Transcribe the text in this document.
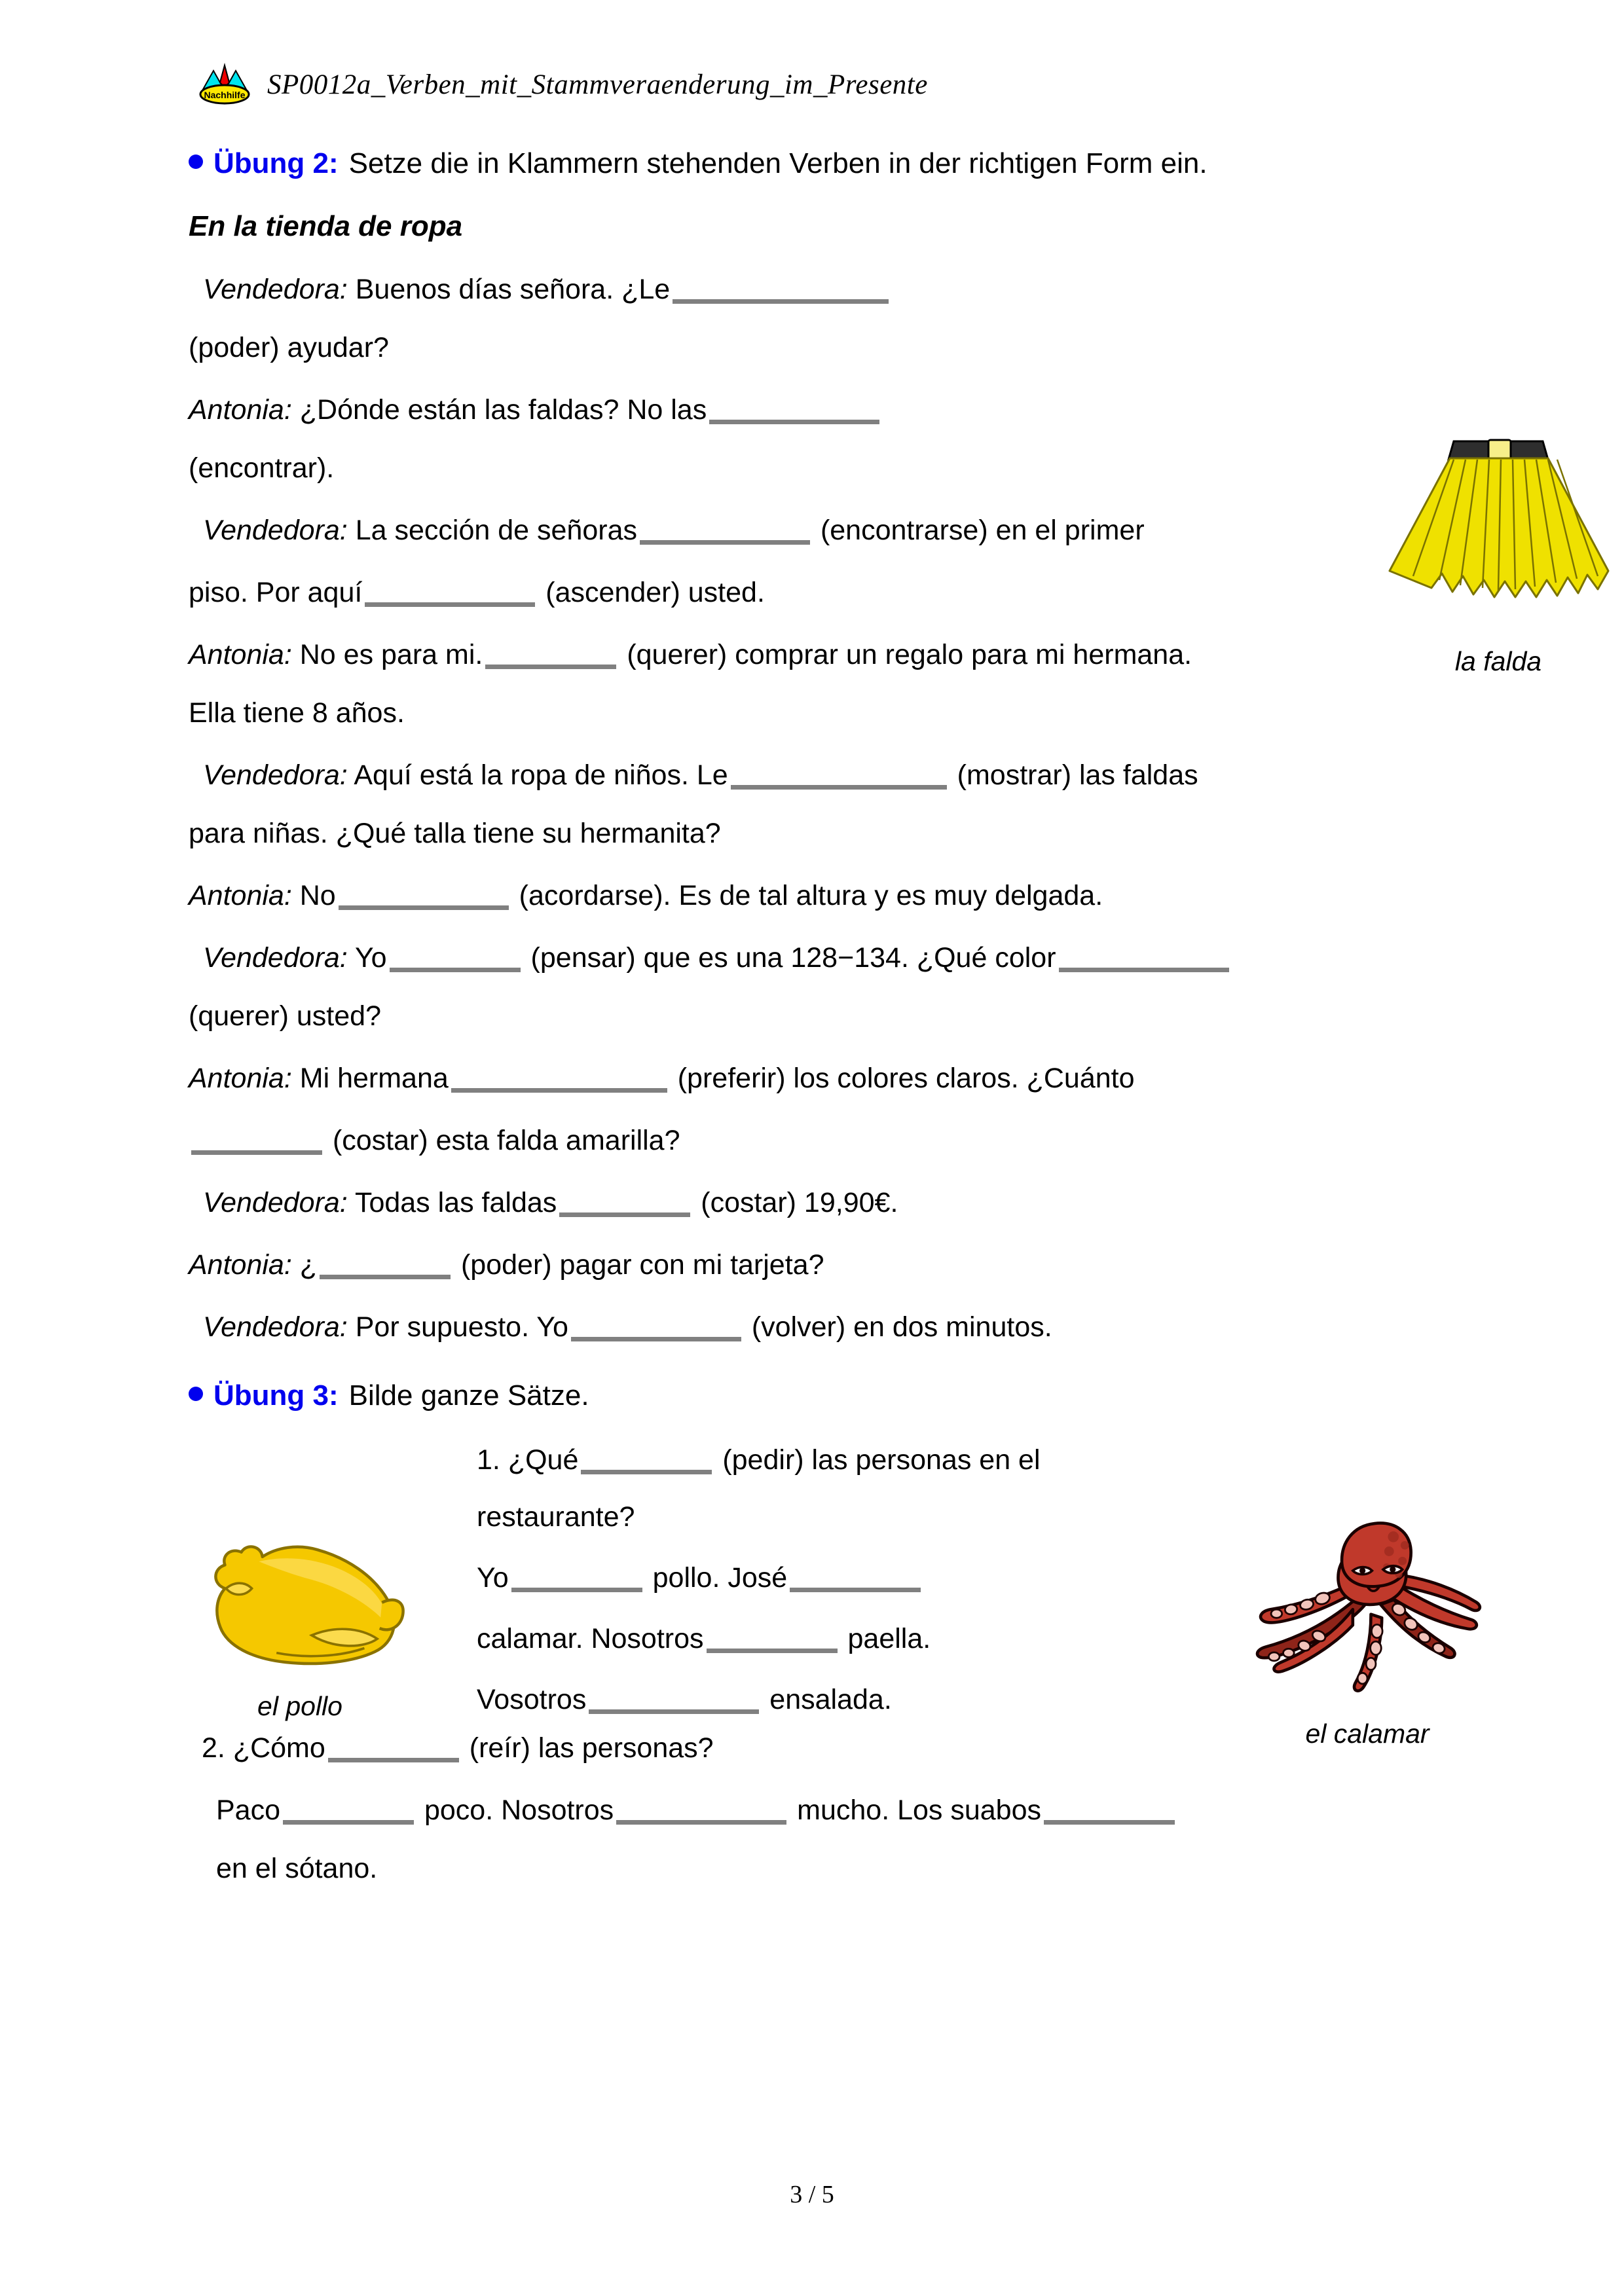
Nachhilfe SP0012a_Verben_mit_Stammveraenderung_im_Presente
Übung 2: Setze die in Klammern stehenden Verben in der richtigen Form ein.
En la tienda de ropa
la falda
Vendedora: Buenos días señora. ¿Le
(poder) ayudar?
Antonia: ¿Dónde están las faldas? No las
(encontrar).
Vendedora: La sección de señoras	(encontrarse) en el primer
piso. Por aquí	(ascender) usted.
Antonia: No es para mi.	(querer) comprar un regalo para mi hermana.
Ella tiene 8 años.
Vendedora: Aquí está la ropa de niños. Le	(mostrar) las faldas
para niñas. ¿Qué talla tiene su hermanita?
Antonia: No	(acordarse). Es de tal altura y es muy delgada.
Vendedora: Yo	(pensar) que es una 128−134. ¿Qué color
(querer) usted?
Antonia: Mi hermana	(preferir) los colores claros. ¿Cuánto
(costar) esta falda amarilla?
Vendedora: Todas las faldas	(costar) 19,90€.
Antonia: ¿	(poder) pagar con mi tarjeta?
Vendedora: Por supuesto. Yo	(volver) en dos minutos.
Übung 3: Bilde ganze Sätze.
el pollo
el calamar
1. ¿Qué	(pedir) las personas en el
restaurante?
Yo	pollo. José
calamar. Nosotros	paella.
Vosotros	ensalada.
2. ¿Cómo	(reír) las personas?
Paco	poco. Nosotros	mucho. Los suabos
en el sótano.
3 / 5
